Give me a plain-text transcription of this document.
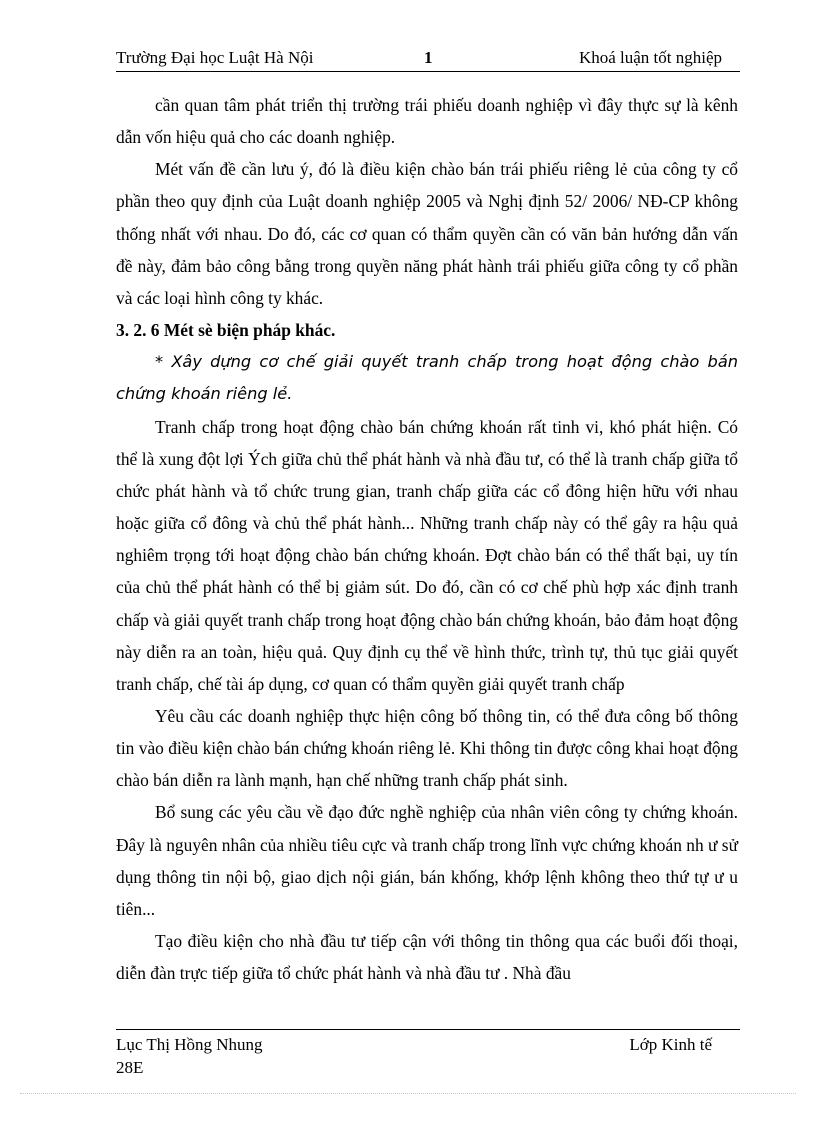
Trường Đại học Luật Hà Nội	1	Khoá luận tốt nghiệp

cần quan tâm phát triển thị trường trái phiếu doanh nghiệp vì đây thực sự là kênh dẫn vốn hiệu quả cho các doanh nghiệp.

Mét vấn đề cần lưu ý, đó là điều kiện chào bán trái phiếu riêng lẻ của công ty cổ phần theo quy định của Luật doanh nghiệp 2005 và Nghị định 52/ 2006/ NĐ-CP không thống nhất với nhau. Do đó, các cơ quan có thẩm quyền cần có văn bản hướng dẫn vấn đề này, đảm bảo công bằng trong quyền năng phát hành trái phiếu giữa công ty cổ phần và các loại hình công ty khác.

3. 2. 6 Mét sè biện pháp khác.

* Xây dựng cơ chế giải quyết tranh chấp trong hoạt động chào bán chứng khoán riêng lẻ.

Tranh chấp trong hoạt động chào bán chứng khoán rất tinh vi, khó phát hiện. Có thể là xung đột lợi Ých giữa chủ thể phát hành và nhà đầu tư, có thể là tranh chấp giữa tổ chức phát hành và tổ chức trung gian, tranh chấp giữa các cổ đông hiện hữu với nhau hoặc giữa cổ đông và chủ thể phát hành... Những tranh chấp này có thể gây ra hậu quả nghiêm trọng tới hoạt động chào bán chứng khoán. Đợt chào bán có thể thất bại, uy tín của chủ thể phát hành có thể bị giảm sút. Do đó, cần có cơ chế phù hợp xác định tranh chấp và giải quyết tranh chấp trong hoạt động chào bán chứng khoán, bảo đảm hoạt động này diễn ra an toàn, hiệu quả. Quy định cụ thể về hình thức, trình tự, thủ tục giải quyết tranh chấp, chế tài áp dụng, cơ quan có thẩm quyền giải quyết tranh chấp

Yêu cầu các doanh nghiệp thực hiện công bố thông tin, có thể đưa công bố thông tin vào điều kiện chào bán chứng khoán riêng lẻ. Khi thông tin được công khai hoạt động chào bán diễn ra lành mạnh, hạn chế những tranh chấp phát sinh.

Bổ sung các yêu cầu về đạo đức nghề nghiệp của nhân viên công ty chứng khoán. Đây là nguyên nhân của nhiều tiêu cực và tranh chấp trong lĩnh vực chứng khoán nh ư sử dụng thông tin nội bộ, giao dịch nội gián, bán khống, khớp lệnh không theo thứ tự ư u tiên...

Tạo điều kiện cho nhà đầu tư tiếp cận với thông tin thông qua các buổi đối thoại, diễn đàn trực tiếp giữa tổ chức phát hành và nhà đầu tư . Nhà đầu

Lục Thị Hồng Nhung	Lớp Kinh tế
28E
